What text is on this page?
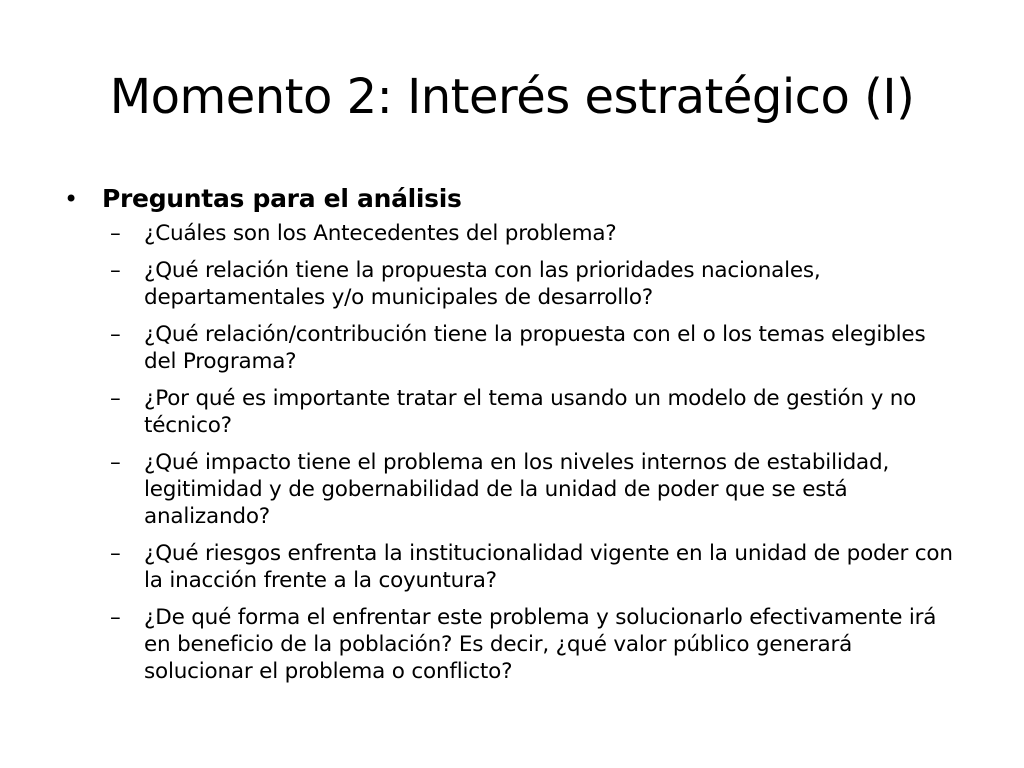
Momento 2: Interés estratégico (I)
• Preguntas para el análisis
– ¿Cuáles son los Antecedentes del problema?
– ¿Qué relación tiene la propuesta con las prioridades nacionales, departamentales y/o municipales de desarrollo?
– ¿Qué relación/contribución tiene la propuesta con el o los temas elegibles del Programa?
– ¿Por qué es importante tratar el tema usando un modelo de gestión y no técnico?
– ¿Qué impacto tiene el problema en los niveles internos de estabilidad, legitimidad y de gobernabilidad de la unidad de poder que se está analizando?
– ¿Qué riesgos enfrenta la institucionalidad vigente en la unidad de poder con la inacción frente a la coyuntura?
– ¿De qué forma el enfrentar este problema y solucionarlo efectivamente irá en beneficio de la población? Es decir, ¿qué valor público generará solucionar el problema o conflicto?
